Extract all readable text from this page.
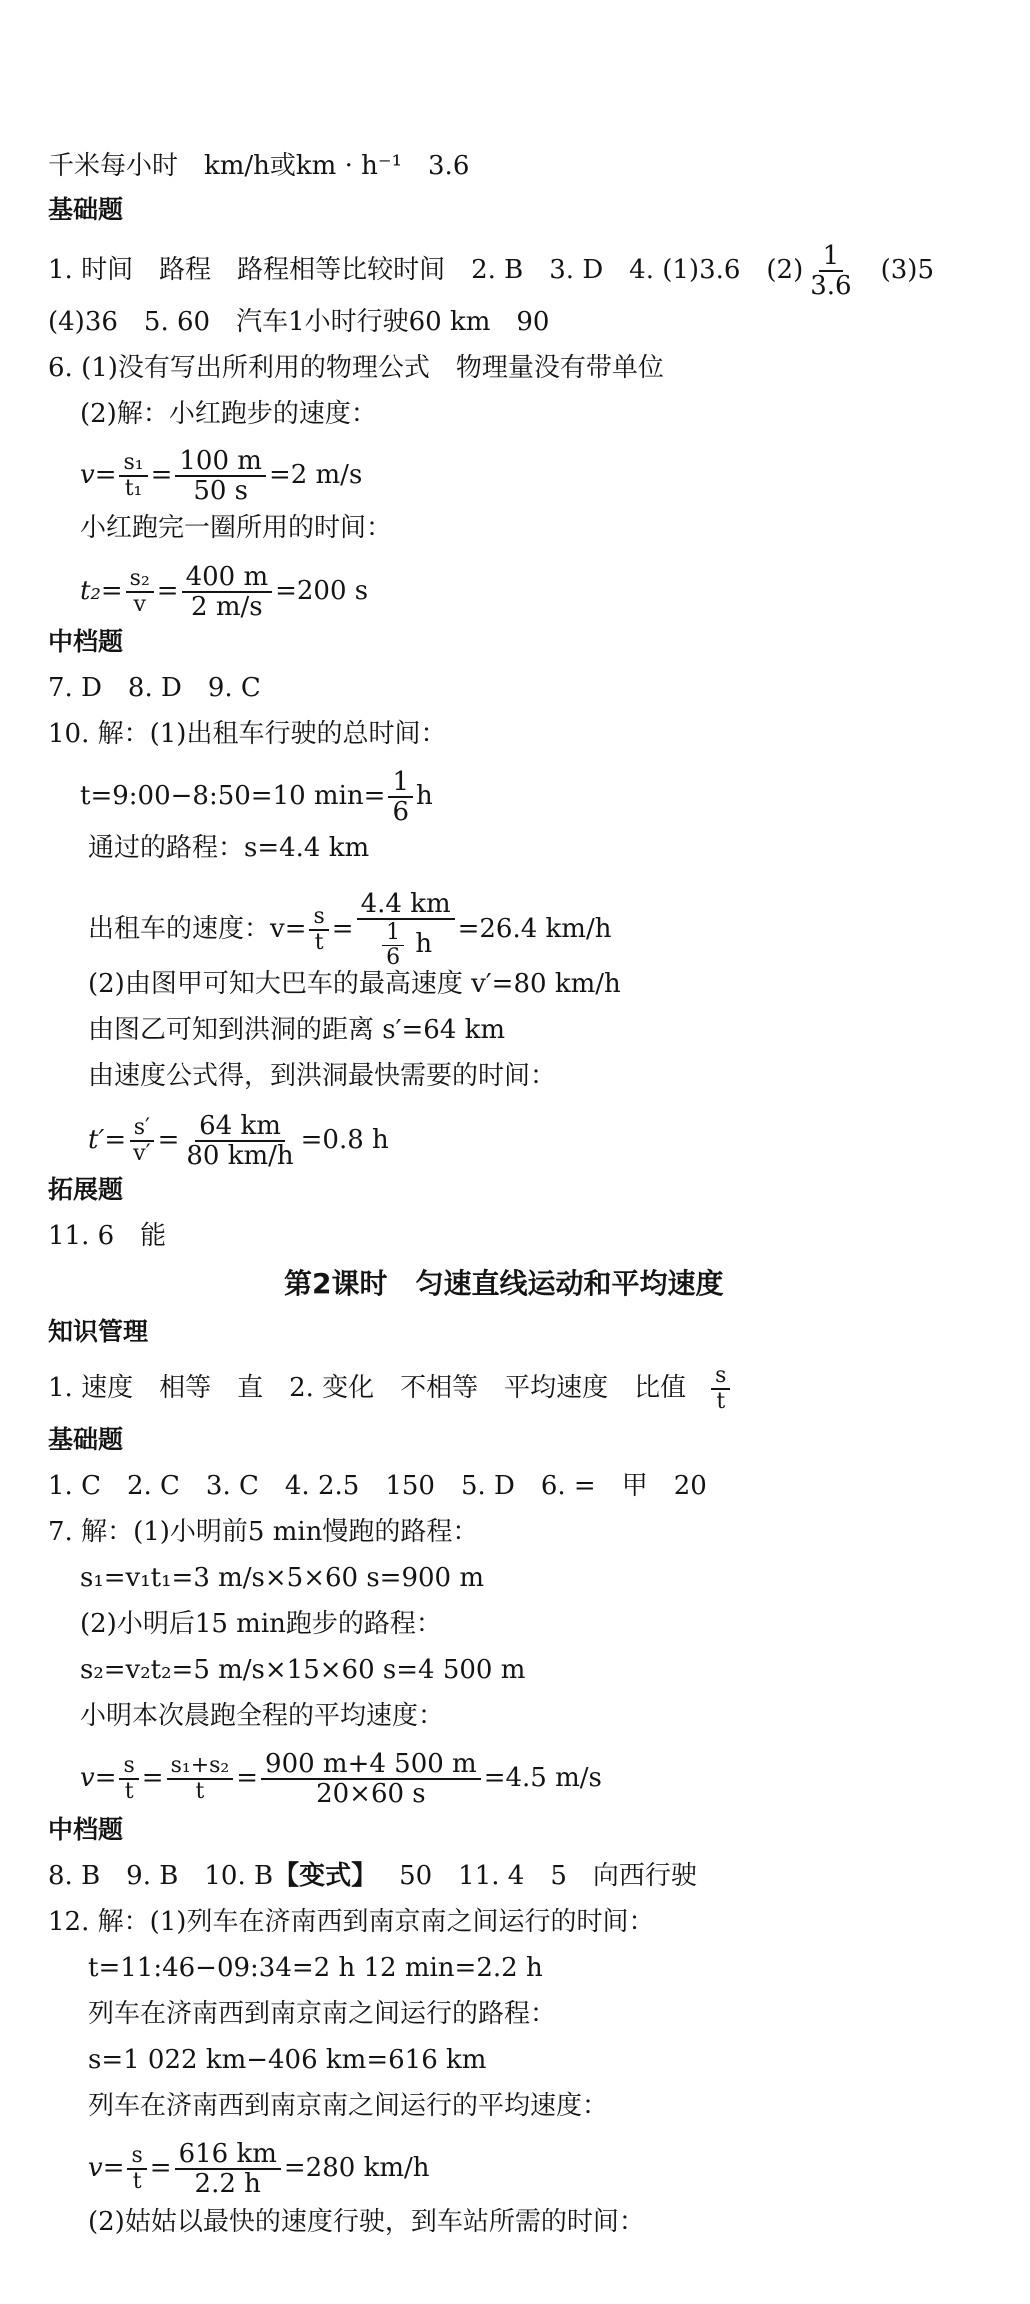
千米每小时　km/h或km · h⁻¹　3.6
基础题
1. 时间　路程　路程相等比较时间　2. B　3. D　4. (1)3.6　$(2) \frac{1}{3.6} (3)5$
(4)36　5. 60　汽车1小时行驶60 km　90
6. (1)没有写出所利用的物理公式　物理量没有带单位
(2)解：小红跑步的速度：
$v= \frac{\text{s₁}}{\text{t₁}} = \frac{100 m}{50 s} =2$ m/s
小红跑完一圈所用的时间：
$t_2= \frac{\text{s₂}}{v} = \frac{400 m}{2 m/s} =200$ s
中档题
7. D　8. D　9. C
10. 解：(1)出租车行驶的总时间：
t=9:00−8:50=10 $\min= \frac{1}{6}$ h
通过的路程：s=4.4 km
出租车的速度：$v= \frac{s}{t} = \frac{4.4 km}{\frac{1}{6} h} =26.4$ km/h
(2)由图甲可知大巴车的最高速度 v′=80 km/h
由图乙可知到洪洞的距离 s′=64 km
由速度公式得，到洪洞最快需要的时间：
$t'= \frac{s'}{v'} = \frac{64 km}{80 km/h} =0.8$ h
拓展题
11. 6　能
第2课时　匀速直线运动和平均速度
知识管理
1. 速度　相等　直　2. 变化　不相等　平均速度　比值 $\frac{s}{t}$
基础题
1. C　2. C　3. C　4. 2.5　150　5. D　6. =　甲　20
7. 解：(1)小明前5 min慢跑的路程：
s₁=v₁t₁=3 m/s×5×60 s=900 m
(2)小明后15 min跑步的路程：
s₂=v₂t₂=5 m/s×15×60 s=4 500 m
小明本次晨跑全程的平均速度：
$v= \frac{s}{t} = \frac{\text{s₁+s₂}}{t} = \frac{900 m+4 500 m}{20\times 60 s} =4.5$ m/s
中档题
8. B　9. B　10. B【变式】 50　11. 4　5　向西行驶
12. 解：(1)列车在济南西到南京南之间运行的时间：
t=11:46−09:34=2 h 12 min=2.2 h
列车在济南西到南京南之间运行的路程：
s=1 022 km−406 km=616 km
列车在济南西到南京南之间运行的平均速度：
$v= \frac{s}{t} = \frac{616 km}{2.2 h} =280$ km/h
(2)姑姑以最快的速度行驶，到车站所需的时间：
